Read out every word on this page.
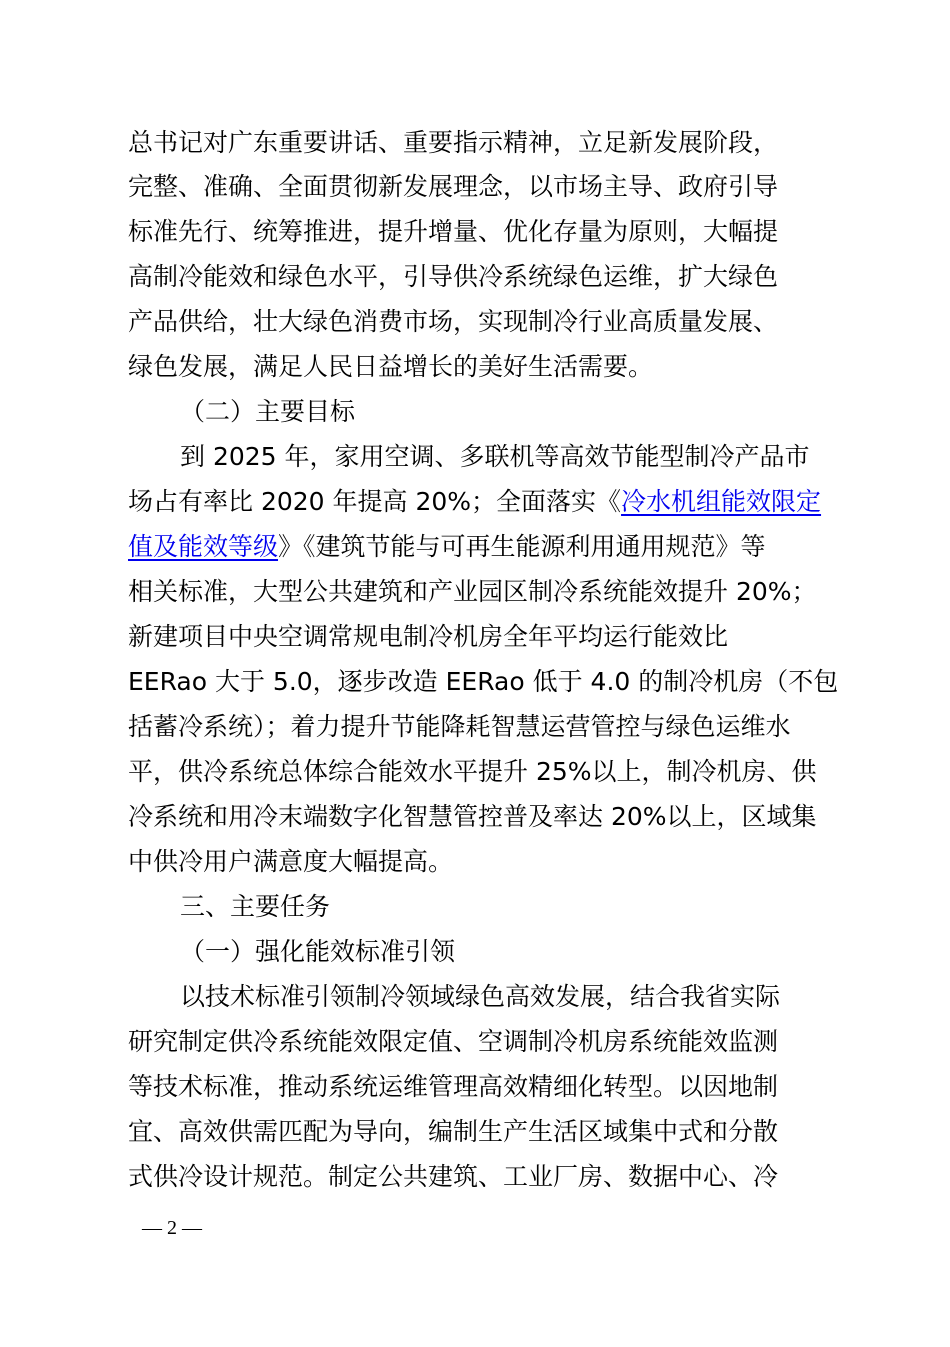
总书记对广东重要讲话、重要指示精神，立足新发展阶段，
完整、准确、全面贯彻新发展理念，以市场主导、政府引导
标准先行、统筹推进，提升增量、优化存量为原则，大幅提
高制冷能效和绿色水平，引导供冷系统绿色运维，扩大绿色
产品供给，壮大绿色消费市场，实现制冷行业高质量发展、
绿色发展，满足人民日益增长的美好生活需要。
（二）主要目标
到 2025 年，家用空调、多联机等高效节能型制冷产品市
场占有率比 2020 年提高 20%；全面落实《冷水机组能效限定
值及能效等级》《建筑节能与可再生能源利用通用规范》等
相关标准，大型公共建筑和产业园区制冷系统能效提升 20%；
新建项目中央空调常规电制冷机房全年平均运行能效比
EERao 大于 5.0，逐步改造 EERao 低于 4.0 的制冷机房（不包
括蓄冷系统）；着力提升节能降耗智慧运营管控与绿色运维水
平，供冷系统总体综合能效水平提升 25%以上，制冷机房、供
冷系统和用冷末端数字化智慧管控普及率达 20%以上，区域集
中供冷用户满意度大幅提高。
三、主要任务
（一）强化能效标准引领
以技术标准引领制冷领域绿色高效发展，结合我省实际
研究制定供冷系统能效限定值、空调制冷机房系统能效监测
等技术标准，推动系统运维管理高效精细化转型。以因地制
宜、高效供需匹配为导向，编制生产生活区域集中式和分散
式供冷设计规范。制定公共建筑、工业厂房、数据中心、冷
— 2 —
